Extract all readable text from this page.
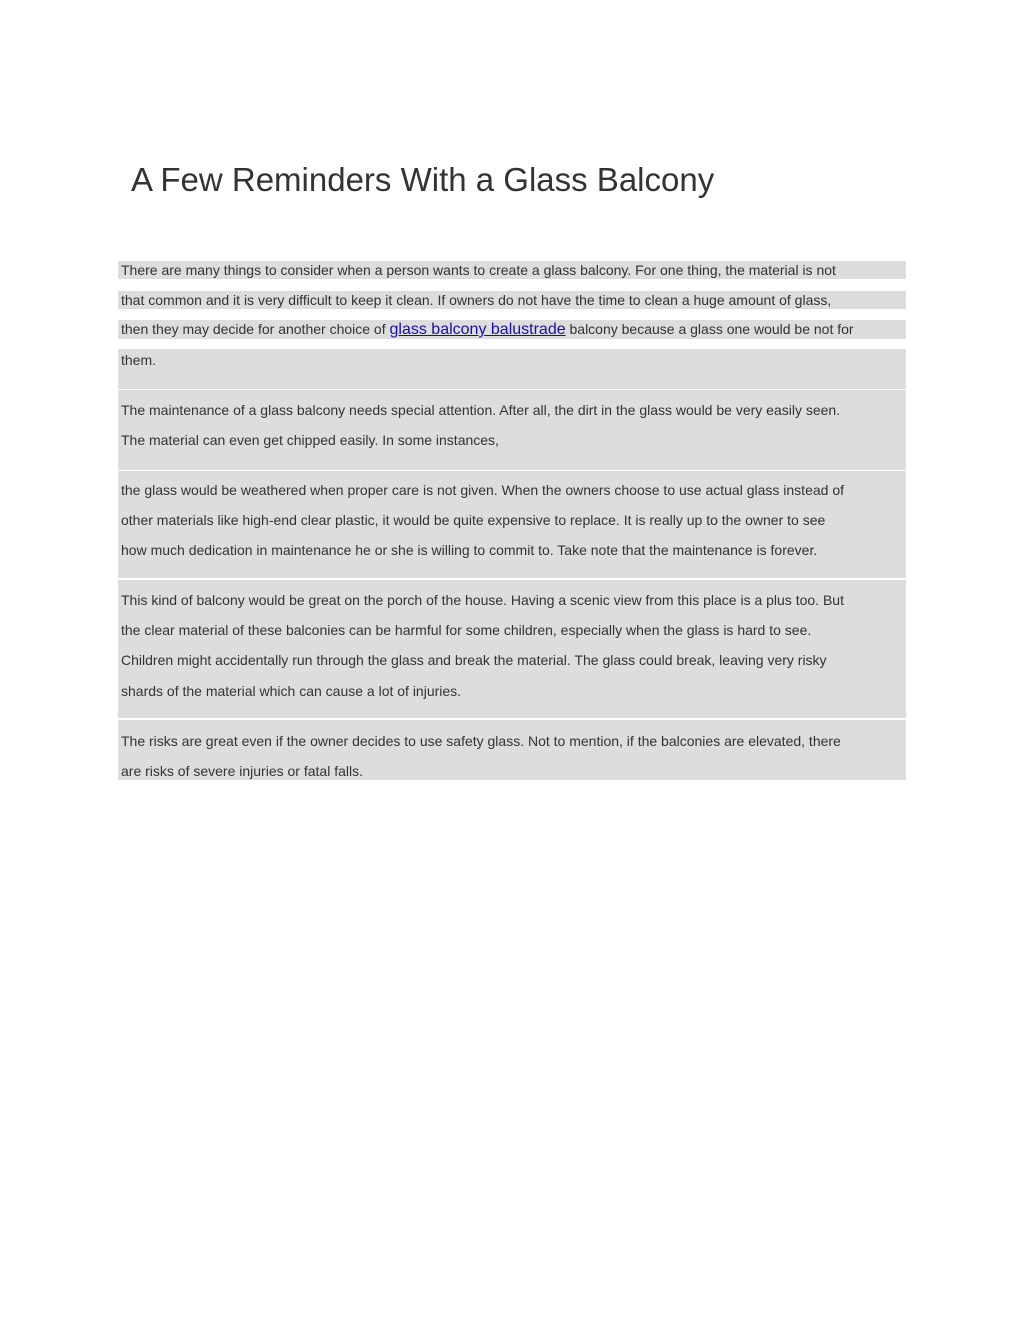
A Few Reminders With a Glass Balcony
There are many things to consider when a person wants to create a glass balcony. For one thing, the material is not
that common and it is very difficult to keep it clean. If owners do not have the time to clean a huge amount of glass,
then they may decide for another choice of glass balcony balustrade balcony because a glass one would be not for
them.
The maintenance of a glass balcony needs special attention. After all, the dirt in the glass would be very easily seen.
The material can even get chipped easily. In some instances,
the glass would be weathered when proper care is not given. When the owners choose to use actual glass instead of
other materials like high-end clear plastic, it would be quite expensive to replace. It is really up to the owner to see
how much dedication in maintenance he or she is willing to commit to. Take note that the maintenance is forever.
This kind of balcony would be great on the porch of the house. Having a scenic view from this place is a plus too. But
the clear material of these balconies can be harmful for some children, especially when the glass is hard to see.
Children might accidentally run through the glass and break the material. The glass could break, leaving very risky
shards of the material which can cause a lot of injuries.
The risks are great even if the owner decides to use safety glass. Not to mention, if the balconies are elevated, there
are risks of severe injuries or fatal falls.
